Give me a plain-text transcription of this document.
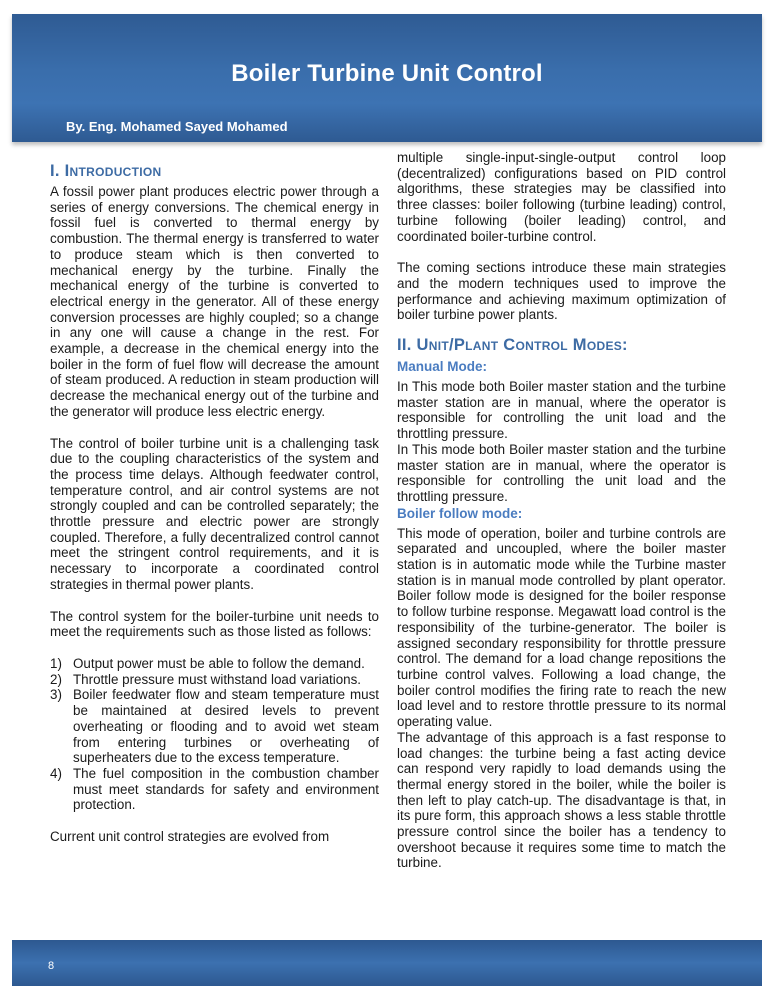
Boiler Turbine Unit Control
By. Eng. Mohamed Sayed Mohamed
I. Introduction

A fossil power plant produces electric power through a series of energy conversions. The chemical energy in fossil fuel is converted to thermal energy by combustion. The thermal energy is transferred to water to produce steam which is then converted to mechanical energy by the turbine. Finally the mechanical energy of the turbine is converted to electrical energy in the generator. All of these energy conversion processes are highly coupled; so a change in any one will cause a change in the rest. For example, a decrease in the chemical energy into the boiler in the form of fuel flow will decrease the amount of steam produced. A reduction in steam production will decrease the mechanical energy out of the turbine and the generator will produce less electric energy.

The control of boiler turbine unit is a challenging task due to the coupling characteristics of the system and the process time delays. Although feedwater control, temperature control, and air control systems are not strongly coupled and can be controlled separately; the throttle pressure and electric power are strongly coupled. Therefore, a fully decentralized control cannot meet the stringent control requirements, and it is necessary to incorporate a coordinated control strategies in thermal power plants.

The control system for the boiler-turbine unit needs to meet the requirements such as those listed as follows:

1) Output power must be able to follow the demand.
2) Throttle pressure must withstand load variations.
3) Boiler feedwater flow and steam temperature must be maintained at desired levels to prevent overheating or flooding and to avoid wet steam from entering turbines or overheating of superheaters due to the excess temperature.
4) The fuel composition in the combustion chamber must meet standards for safety and environment protection.

Current unit control strategies are evolved from

multiple single-input-single-output control loop (decentralized) configurations based on PID control algorithms, these strategies may be classified into three classes: boiler following (turbine leading) control, turbine following (boiler leading) control, and coordinated boiler-turbine control.

The coming sections introduce these main strategies and the modern techniques used to improve the performance and achieving maximum optimization of boiler turbine power plants.

II. Unit/Plant Control Modes:
Manual Mode:

In This mode both Boiler master station and the turbine master station are in manual, where the operator is responsible for controlling the unit load and the throttling pressure.

In This mode both Boiler master station and the turbine master station are in manual, where the operator is responsible for controlling the unit load and the throttling pressure.

Boiler follow mode:

This mode of operation, boiler and turbine controls are separated and uncoupled, where the boiler master station is in automatic mode while the Turbine master station is in manual mode controlled by plant operator. Boiler follow mode is designed for the boiler response to follow turbine response. Megawatt load control is the responsibility of the turbine-generator. The boiler is assigned secondary responsibility for throttle pressure control. The demand for a load change repositions the turbine control valves. Following a load change, the boiler control modifies the firing rate to reach the new load level and to restore throttle pressure to its normal operating value.

The advantage of this approach is a fast response to load changes: the turbine being a fast acting device can respond very rapidly to load demands using the thermal energy stored in the boiler, while the boiler is then left to play catch-up. The disadvantage is that, in its pure form, this approach shows a less stable throttle pressure control since the boiler has a tendency to overshoot because it requires some time to match the turbine.

8
